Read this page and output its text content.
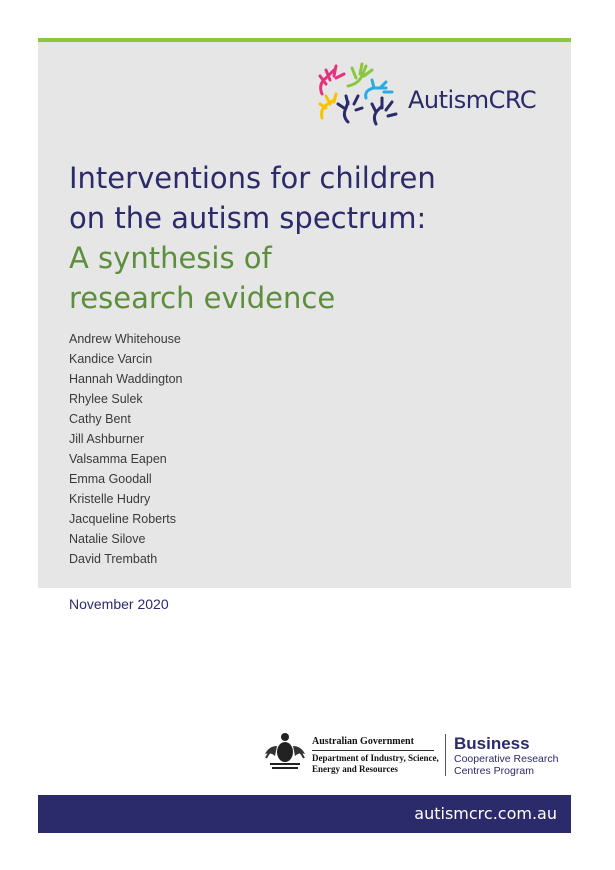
AutismCRC
Interventions for children
on the autism spectrum:
A synthesis of
research evidence
Andrew Whitehouse
Kandice Varcin
Hannah Waddington
Rhylee Sulek
Cathy Bent
Jill Ashburner
Valsamma Eapen
Emma Goodall
Kristelle Hudry
Jacqueline Roberts
Natalie Silove
David Trembath
November 2020
Australian Government
Department of Industry, Science,
Energy and Resources
Business
Cooperative Research
Centres Program
autismcrc.com.au
